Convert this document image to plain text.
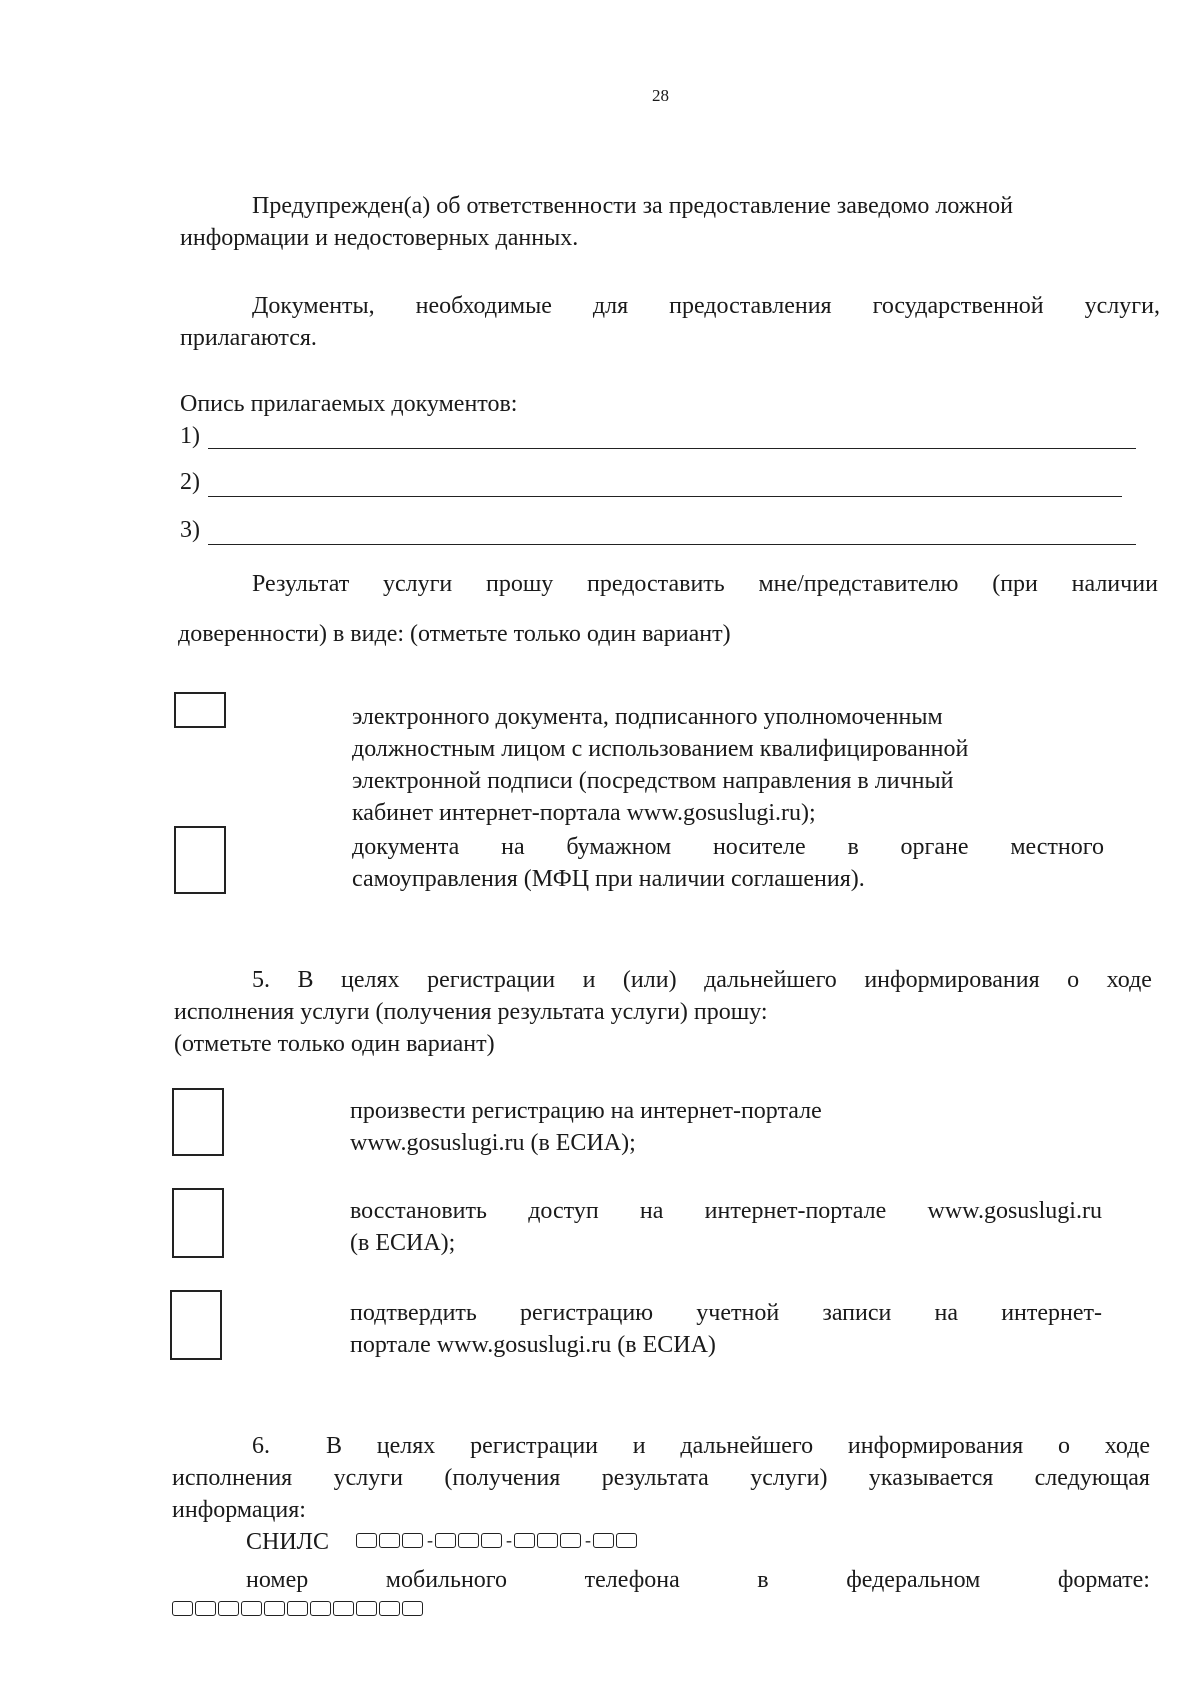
28
Предупрежден(а) об ответственности за предоставление заведомо ложной
информации и недостоверных данных.
Документы, необходимые для предоставления государственной услуги,
прилагаются.
Опись прилагаемых документов:
1)
2)
3)
Результат услуги прошу предоставить мне/представителю (при наличии
доверенности) в виде: (отметьте только один вариант)
электронного документа, подписанного уполномоченным
должностным лицом с использованием квалифицированной
электронной подписи (посредством направления в личный
кабинет интернет-портала www.gosuslugi.ru);
документа на бумажном носителе в органе местного
самоуправления (МФЦ при наличии соглашения).
5. В целях регистрации и (или) дальнейшего информирования о ходе
исполнения услуги (получения результата услуги) прошу:
(отметьте только один вариант)
произвести регистрацию на интернет-портале
www.gosuslugi.ru (в ЕСИА);
восстановить доступ на интернет-портале www.gosuslugi.ru
(в ЕСИА);
подтвердить регистрацию учетной записи на интернет-
портале www.gosuslugi.ru (в ЕСИА)
6. В целях регистрации и дальнейшего информирования о ходе
исполнения услуги (получения результата услуги) указывается следующая
информация:
СНИЛС	-	-	-
номер	мобильного	телефона	в	федеральном	формате:
